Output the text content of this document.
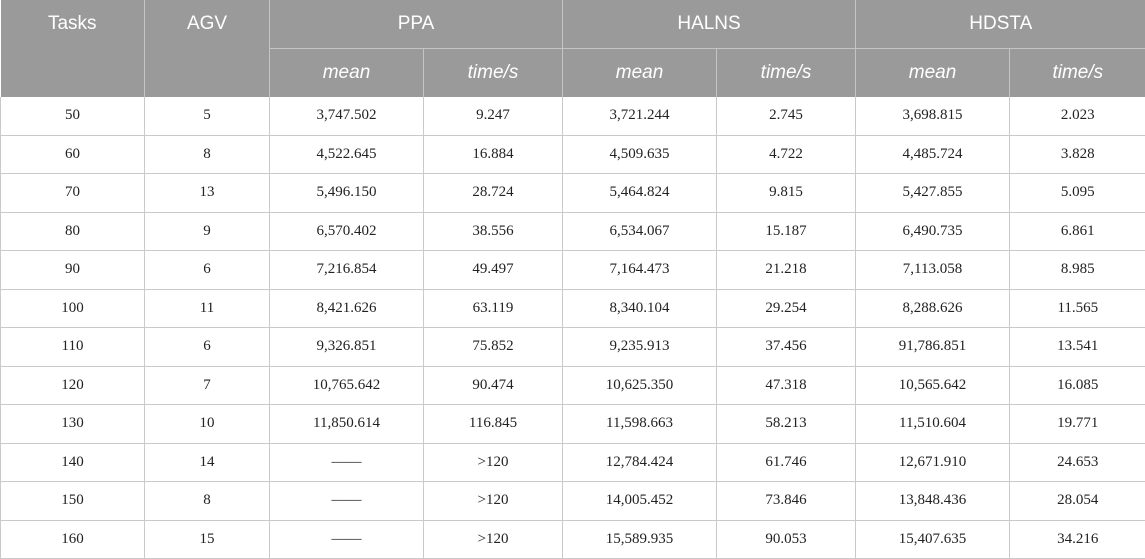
Tasks	AGV	PPA		HALNS		HDSTA	
		mean	time/s	mean	time/s	mean	time/s
50	5	3,747.502	9.247	3,721.244	2.745	3,698.815	2.023
60	8	4,522.645	16.884	4,509.635	4.722	4,485.724	3.828
70	13	5,496.150	28.724	5,464.824	9.815	5,427.855	5.095
80	9	6,570.402	38.556	6,534.067	15.187	6,490.735	6.861
90	6	7,216.854	49.497	7,164.473	21.218	7,113.058	8.985
100	11	8,421.626	63.119	8,340.104	29.254	8,288.626	11.565
110	6	9,326.851	75.852	9,235.913	37.456	91,786.851	13.541
120	7	10,765.642	90.474	10,625.350	47.318	10,565.642	16.085
130	10	11,850.614	116.845	11,598.663	58.213	11,510.604	19.771
140	14	——	>120	12,784.424	61.746	12,671.910	24.653
150	8	——	>120	14,005.452	73.846	13,848.436	28.054
160	15	——	>120	15,589.935	90.053	15,407.635	34.216
